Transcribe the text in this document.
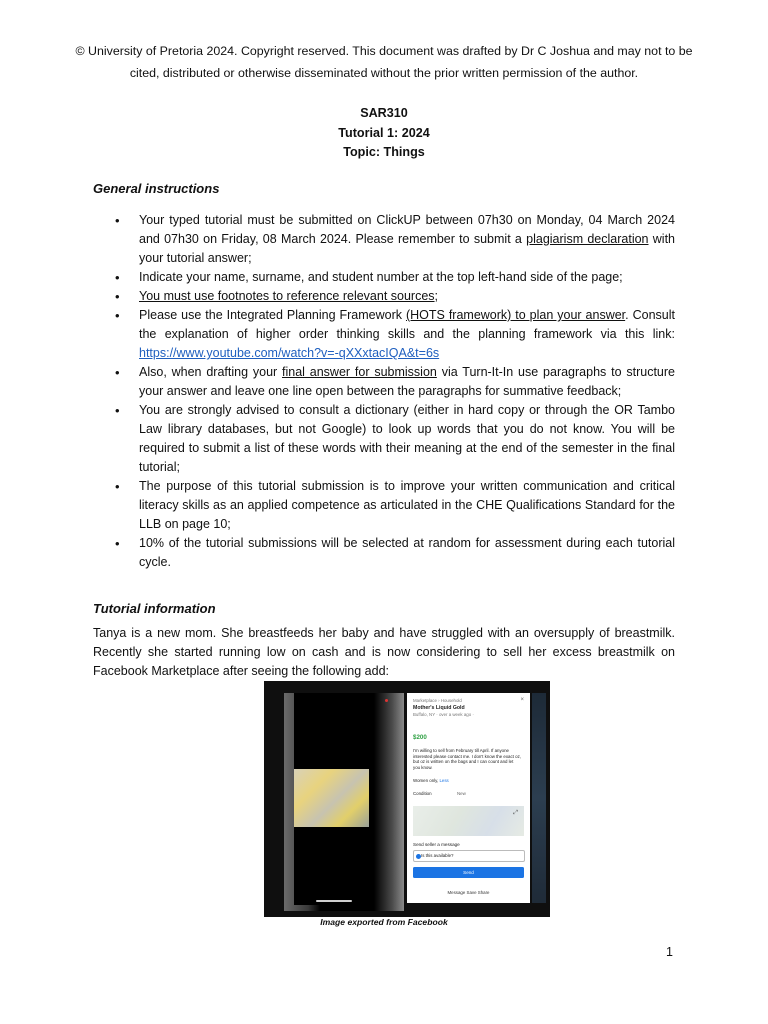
© University of Pretoria 2024. Copyright reserved. This document was drafted by Dr C Joshua and may not to be cited, distributed or otherwise disseminated without the prior written permission of the author.

SAR310
Tutorial 1: 2024
Topic: Things

General instructions

• Your typed tutorial must be submitted on ClickUP between 07h30 on Monday, 04 March 2024 and 07h30 on Friday, 08 March 2024. Please remember to submit a plagiarism declaration with your tutorial answer;
• Indicate your name, surname, and student number at the top left-hand side of the page;
• You must use footnotes to reference relevant sources;
• Please use the Integrated Planning Framework (HOTS framework) to plan your answer. Consult the explanation of higher order thinking skills and the planning framework via this link: https://www.youtube.com/watch?v=-qXXxtacIQA&t=6s
• Also, when drafting your final answer for submission via Turn-It-In use paragraphs to structure your answer and leave one line open between the paragraphs for summative feedback;
• You are strongly advised to consult a dictionary (either in hard copy or through the OR Tambo Law library databases, but not Google) to look up words that you do not know. You will be required to submit a list of these words with their meaning at the end of the semester in the final tutorial;
• The purpose of this tutorial submission is to improve your written communication and critical literacy skills as an applied competence as articulated in the CHE Qualifications Standard for the LLB on page 10;
• 10% of the tutorial submissions will be selected at random for assessment during each tutorial cycle.

Tutorial information

Tanya is a new mom. She breastfeeds her baby and have struggled with an oversupply of breastmilk. Recently she started running low on cash and is now considering to sell her excess breastmilk on Facebook Marketplace after seeing the following add:

Marketplace › Household	×
Mother's Liquid Gold
Buffalo, NY · over a week ago ·
$200
I'm willing to sell from February till April. If anyone interested please contact me. I don't know the exact oz, but oz is written on the bags and I can count and let you know.
Women only, Less
Condition	New
⤢
Send seller a message
Is this available?
Send
Message Save Share

Image exported from Facebook

1
